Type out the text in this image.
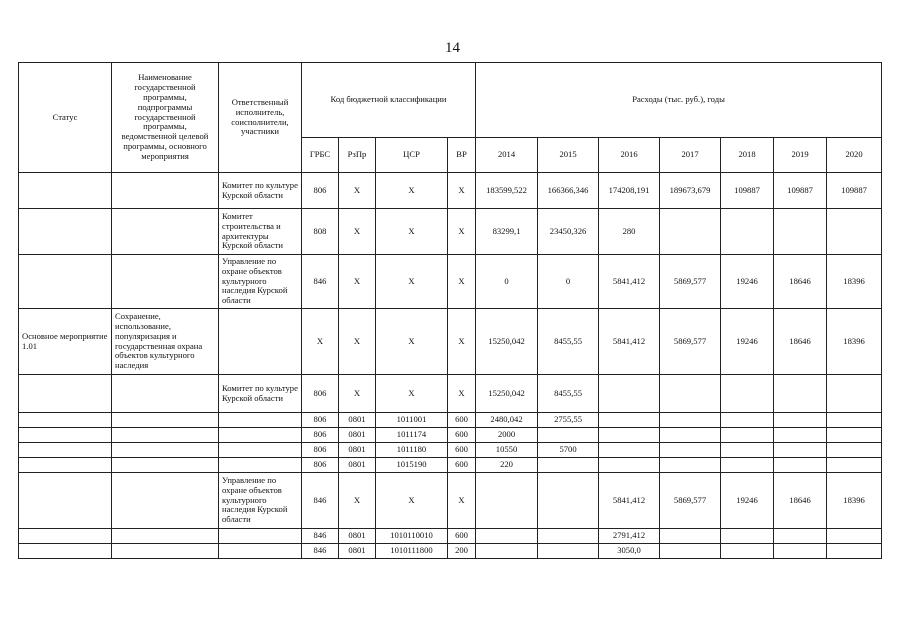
14
Статус	Наименование государственной программы, подпрограммы государственной программы, ведомственной целевой программы, основного мероприятия	Ответственный исполнитель, соисполнители, участники	Код бюджетной классификации				Расходы (тыс. руб.), годы						
			ГРБС	РзПр	ЦСР	ВР	2014	2015	2016	2017	2018	2019	2020
		Комитет по культуре Курской области	806	Х	Х	Х	183599,522	166366,346	174208,191	189673,679	109887	109887	109887
		Комитет строительства и архитектуры Курской области	808	Х	Х	Х	83299,1	23450,326	280				
		Управление по охране объектов культурного наследия Курской области	846	Х	Х	Х	0	0	5841,412	5869,577	19246	18646	18396
Основное мероприятие 1.01	Сохранение, использование, популяризация и государственная охрана объектов культурного наследия		Х	Х	Х	Х	15250,042	8455,55	5841,412	5869,577	19246	18646	18396
		Комитет по культуре Курской области	806	Х	Х	Х	15250,042	8455,55					
			806	0801	1011001	600	2480,042	2755,55					
			806	0801	1011174	600	2000						
			806	0801	1011180	600	10550	5700					
			806	0801	1015190	600	220						
		Управление по охране объектов культурного наследия Курской области	846	Х	Х	Х			5841,412	5869,577	19246	18646	18396
			846	0801	1010110010	600			2791,412				
			846	0801	1010111800	200			3050,0				
